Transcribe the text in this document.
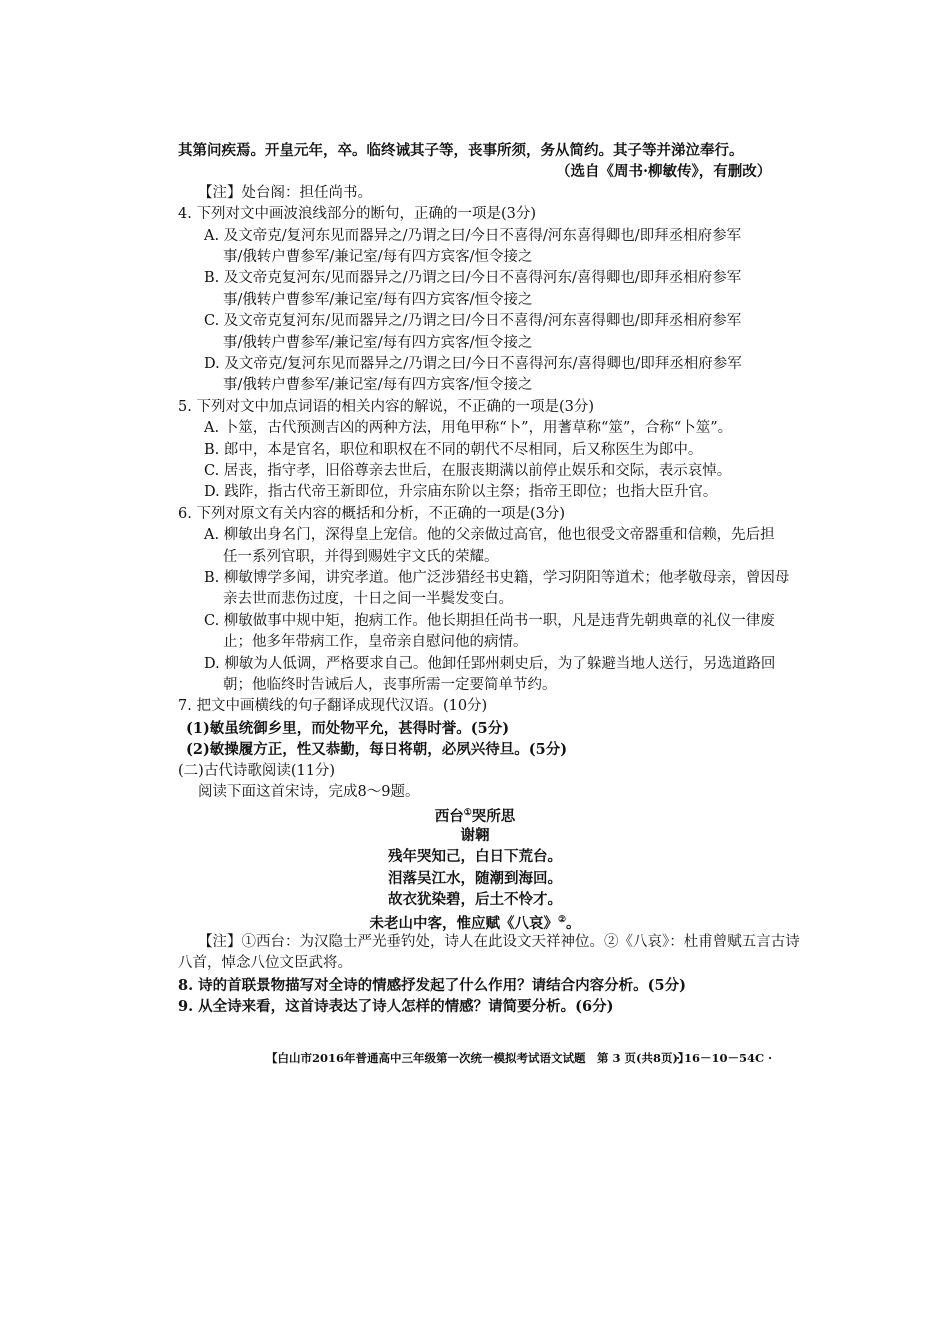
其第问疾焉。开皇元年，卒。临终诫其子等，丧事所须，务从简约。其子等并涕泣奉行。
（选自《周书·柳敏传》，有删改）
【注】处台阁：担任尚书。
4. 下列对文中画波浪线部分的断句，正确的一项是(3分)
A. 及文帝克/复河东见而器异之/乃谓之曰/今日不喜得/河东喜得卿也/即拜丞相府参军
事/俄转户曹参军/兼记室/每有四方宾客/恒令接之
B. 及文帝克复河东/见而器异之/乃谓之曰/今日不喜得河东/喜得卿也/即拜丞相府参军
事/俄转户曹参军/兼记室/每有四方宾客/恒令接之
C. 及文帝克复河东/见而器异之/乃谓之曰/今日不喜得/河东喜得卿也/即拜丞相府参军
事/俄转户曹参军/兼记室/每有四方宾客/恒令接之
D. 及文帝克/复河东见而器异之/乃谓之曰/今日不喜得河东/喜得卿也/即拜丞相府参军
事/俄转户曹参军/兼记室/每有四方宾客/恒令接之
5. 下列对文中加点词语的相关内容的解说，不正确的一项是(3分)
A. 卜筮，古代预测吉凶的两种方法，用龟甲称“卜”，用蓍草称“筮”，合称“卜筮”。
B. 郎中，本是官名，职位和职权在不同的朝代不尽相同，后又称医生为郎中。
C. 居丧，指守孝，旧俗尊亲去世后，在服丧期满以前停止娱乐和交际，表示哀悼。
D. 践阼，指古代帝王新即位，升宗庙东阶以主祭；指帝王即位；也指大臣升官。
6. 下列对原文有关内容的概括和分析，不正确的一项是(3分)
A. 柳敏出身名门，深得皇上宠信。他的父亲做过高官，他也很受文帝器重和信赖，先后担
任一系列官职，并得到赐姓宇文氏的荣耀。
B. 柳敏博学多闻，讲究孝道。他广泛涉猎经书史籍，学习阴阳等道术；他孝敬母亲，曾因母
亲去世而悲伤过度，十日之间一半鬓发变白。
C. 柳敏做事中规中矩，抱病工作。他长期担任尚书一职，凡是违背先朝典章的礼仪一律废
止；他多年带病工作，皇帝亲自慰问他的病情。
D. 柳敏为人低调，严格要求自己。他卸任郢州刺史后，为了躲避当地人送行，另选道路回
朝；他临终时告诫后人，丧事所需一定要简单节约。
7. 把文中画横线的句子翻译成现代汉语。(10分)
(1)敏虽统御乡里，而处物平允，甚得时誉。(5分)
(2)敏操履方正，性又恭勤，每日将朝，必夙兴待旦。(5分)
(二)古代诗歌阅读(11分)
阅读下面这首宋诗，完成8～9题。
西台①哭所思
谢翱
残年哭知己，白日下荒台。
泪落吴江水，随潮到海回。
故衣犹染碧，后土不怜才。
未老山中客，惟应赋《八哀》②。
【注】①西台：为汉隐士严光垂钓处，诗人在此设文天祥神位。②《八哀》：杜甫曾赋五言古诗
八首，悼念八位文臣武将。
8. 诗的首联景物描写对全诗的情感抒发起了什么作用？请结合内容分析。(5分)
9. 从全诗来看，这首诗表达了诗人怎样的情感？请简要分析。(6分)
【白山市2016年普通高中三年级第一次统一模拟考试语文试题　第 3 页(共8页)】
· 16－10－54C ·
